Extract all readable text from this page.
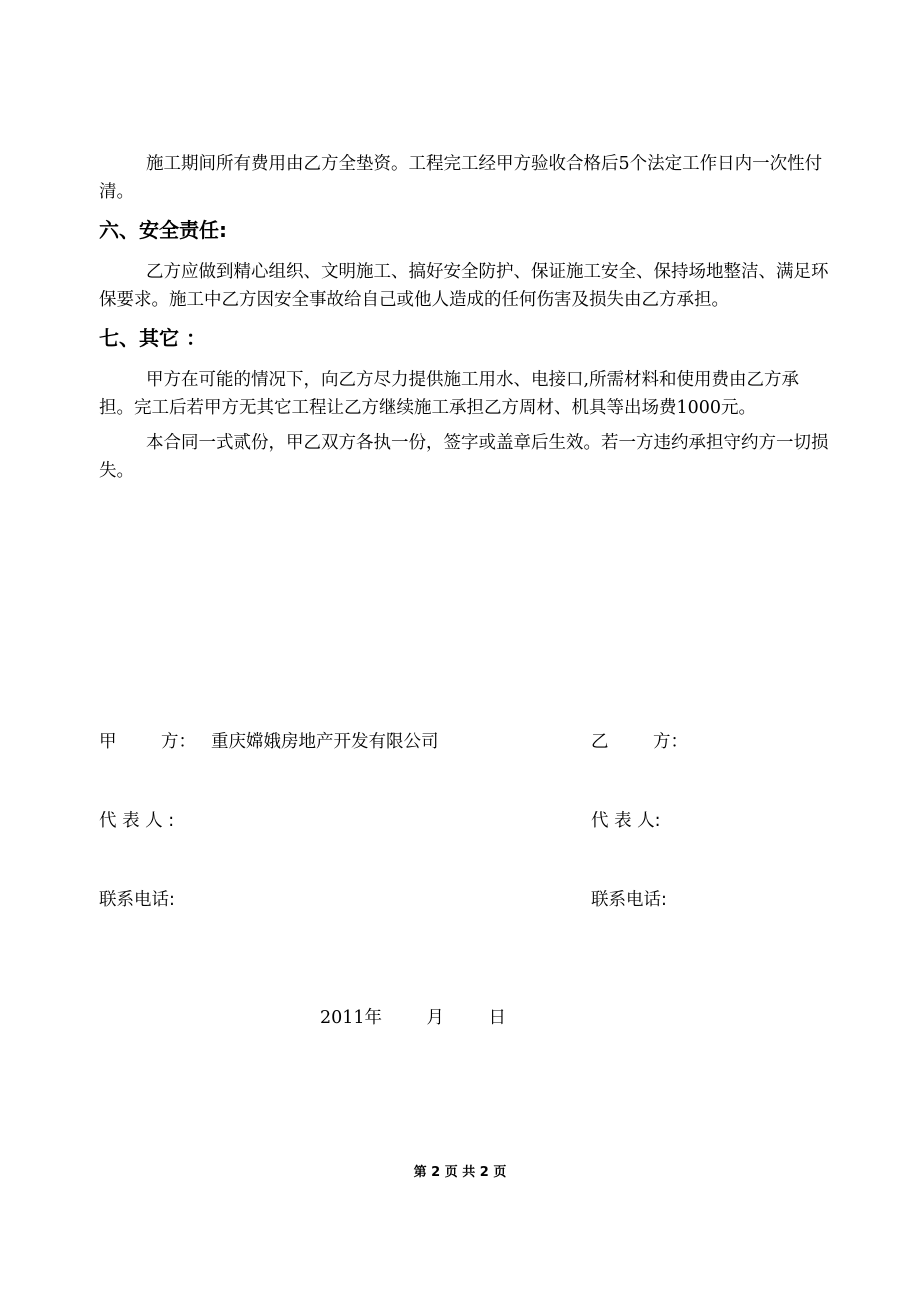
施工期间所有费用由乙方全垫资。工程完工经甲方验收合格后5个法定工作日内一次性付清。

六、安全责任:

乙方应做到精心组织、文明施工、搞好安全防护、保证施工安全、保持场地整洁、满足环保要求。施工中乙方因安全事故给自己或他人造成的任何伤害及损失由乙方承担。

七、其它 ：

甲方在可能的情况下，向乙方尽力提供施工用水、电接口,所需材料和使用费由乙方承担。完工后若甲方无其它工程让乙方继续施工承担乙方周材、机具等出场费1000元。

本合同一式贰份，甲乙双方各执一份，签字或盖章后生效。若一方违约承担守约方一切损失。

甲        方： 重庆嫦娥房地产开发有限公司	乙        方：
代 表 人 :	代 表 人:
联系电话:	联系电话:
2011年        月        日
第 2 页 共 2 页
